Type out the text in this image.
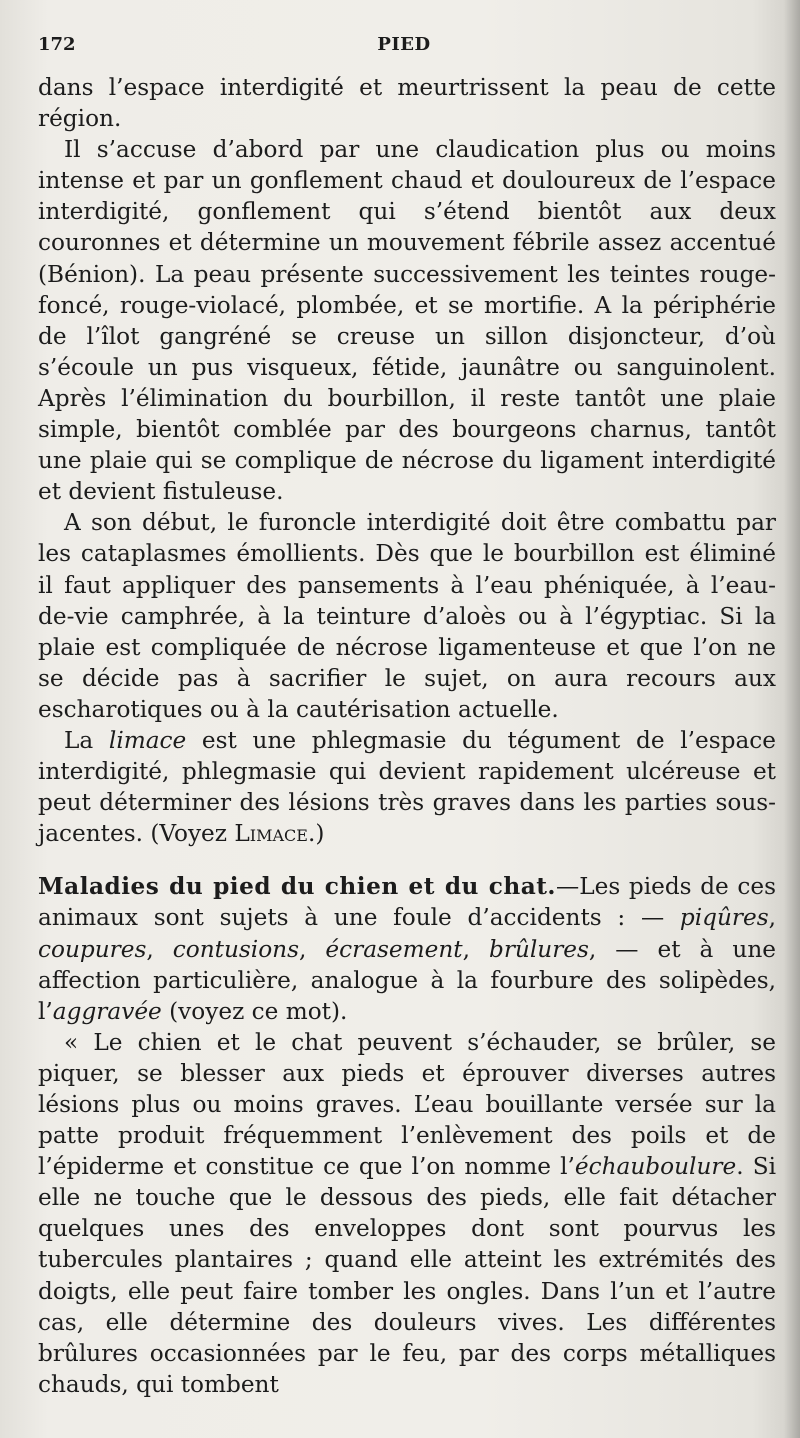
172	PIED

dans l’espace interdigité et meurtrissent la peau de cette région.

Il s’accuse d’abord par une claudication plus ou moins intense et par un gonflement chaud et douloureux de l’espace interdigité, gonflement qui s’étend bientôt aux deux couronnes et détermine un mouvement fébrile assez accentué (Bénion). La peau présente successivement les teintes rouge-foncé, rouge-violacé, plombée, et se mortifie. A la périphérie de l’îlot gangréné se creuse un sillon disjoncteur, d’où s’écoule un pus visqueux, fétide, jaunâtre ou sanguinolent. Après l’élimination du bourbillon, il reste tantôt une plaie simple, bientôt comblée par des bourgeons charnus, tantôt une plaie qui se complique de nécrose du ligament interdigité et devient fistuleuse.

A son début, le furoncle interdigité doit être combattu par les cataplasmes émollients. Dès que le bourbillon est éliminé il faut appliquer des pansements à l’eau phéniquée, à l’eau-de-vie camphrée, à la teinture d’aloès ou à l’égyptiac. Si la plaie est compliquée de nécrose ligamenteuse et que l’on ne se décide pas à sacrifier le sujet, on aura recours aux escharotiques ou à la cautérisation actuelle.

La limace est une phlegmasie du tégument de l’espace interdigité, phlegmasie qui devient rapidement ulcéreuse et peut déterminer des lésions très graves dans les parties sous-jacentes. (Voyez Limace.)

Maladies du pied du chien et du chat.—Les pieds de ces animaux sont sujets à une foule d’accidents : — piqûres, coupures, contusions, écrasement, brûlures, — et à une affection particulière, analogue à la fourbure des solipèdes, l’aggravée (voyez ce mot).

« Le chien et le chat peuvent s’échauder, se brûler, se piquer, se blesser aux pieds et éprouver diverses autres lésions plus ou moins graves. L’eau bouillante versée sur la patte produit fréquemment l’enlèvement des poils et de l’épiderme et constitue ce que l’on nomme l’échauboulure. Si elle ne touche que le dessous des pieds, elle fait détacher quelques unes des enveloppes dont sont pourvus les tubercules plantaires ; quand elle atteint les extrémités des doigts, elle peut faire tomber les ongles. Dans l’un et l’autre cas, elle détermine des douleurs vives. Les différentes brûlures occasionnées par le feu, par des corps métalliques chauds, qui tombent
